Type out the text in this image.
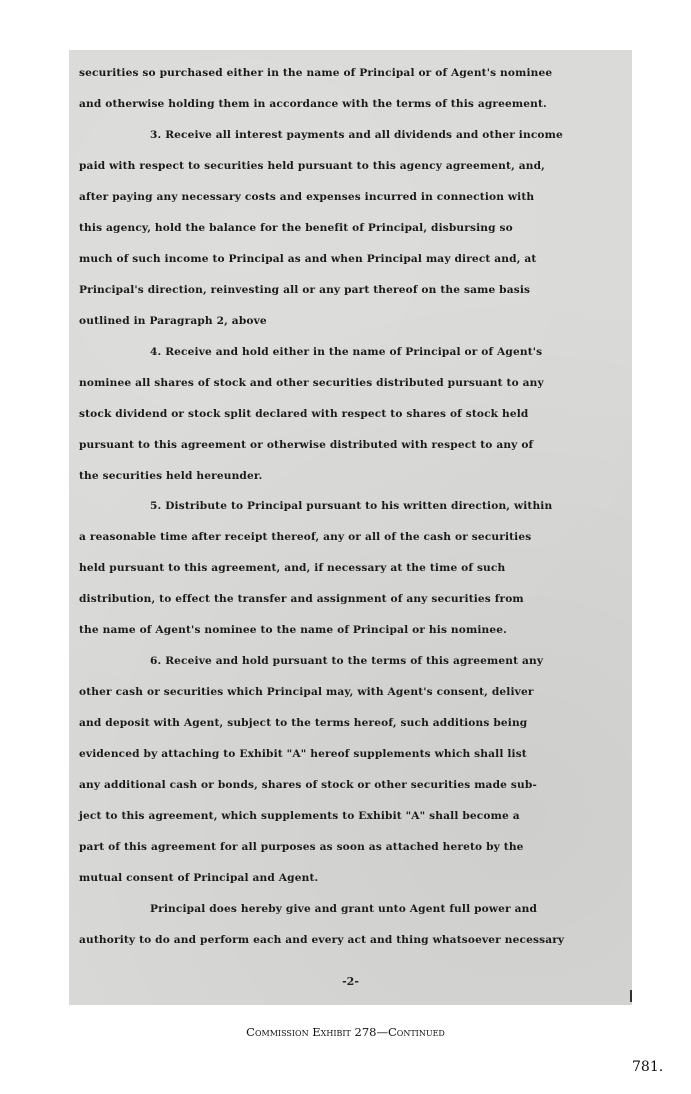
securities so purchased either in the name of Principal or of Agent's nominee
and otherwise holding them in accordance with the terms of this agreement.
3. Receive all interest payments and all dividends and other income
paid with respect to securities held pursuant to this agency agreement, and,
after paying any necessary costs and expenses incurred in connection with
this agency, hold the balance for the benefit of Principal, disbursing so
much of such income to Principal as and when Principal may direct and, at
Principal's direction, reinvesting all or any part thereof on the same basis
outlined in Paragraph 2, above
4. Receive and hold either in the name of Principal or of Agent's
nominee all shares of stock and other securities distributed pursuant to any
stock dividend or stock split declared with respect to shares of stock held
pursuant to this agreement or otherwise distributed with respect to any of
the securities held hereunder.
5. Distribute to Principal pursuant to his written direction, within
a reasonable time after receipt thereof, any or all of the cash or securities
held pursuant to this agreement, and, if necessary at the time of such
distribution, to effect the transfer and assignment of any securities from
the name of Agent's nominee to the name of Principal or his nominee.
6. Receive and hold pursuant to the terms of this agreement any
other cash or securities which Principal may, with Agent's consent, deliver
and deposit with Agent, subject to the terms hereof, such additions being
evidenced by attaching to Exhibit "A" hereof supplements which shall list
any additional cash or bonds, shares of stock or other securities made sub-
ject to this agreement, which supplements to Exhibit "A" shall become a
part of this agreement for all purposes as soon as attached hereto by the
mutual consent of Principal and Agent.
Principal does hereby give and grant unto Agent full power and
authority to do and perform each and every act and thing whatsoever necessary
-2-
Commission Exhibit 278—Continued
781.
